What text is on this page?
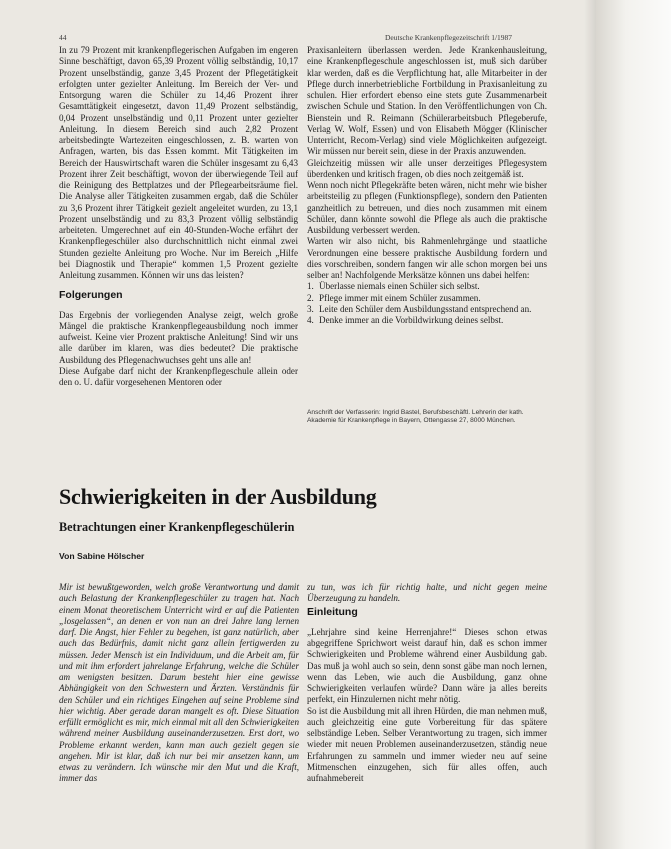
44	Deutsche Krankenpflegezeitschrift 1/1987

In zu 79 Prozent mit krankenpflegerischen Aufgaben im engeren Sinne beschäftigt, davon 65,39 Prozent völlig selbständig, 10,17 Prozent unselbständig, ganze 3,45 Prozent der Pflegetätigkeit erfolgten unter gezielter Anleitung. Im Bereich der Ver- und Entsorgung waren die Schüler zu 14,46 Prozent ihrer Gesamttätigkeit eingesetzt, davon 11,49 Prozent selbständig, 0,04 Prozent unselbständig und 0,11 Prozent unter gezielter Anleitung. In diesem Bereich sind auch 2,82 Prozent arbeitsbedingte Wartezeiten eingeschlossen, z. B. warten von Anfragen, warten, bis das Essen kommt. Mit Tätigkeiten im Bereich der Hauswirtschaft waren die Schüler insgesamt zu 6,43 Prozent ihrer Zeit beschäftigt, wovon der überwiegende Teil auf die Reinigung des Bettplatzes und der Pflegearbeitsräume fiel. Die Analyse aller Tätigkeiten zusammen ergab, daß die Schüler zu 3,6 Prozent ihrer Tätigkeit gezielt angeleitet wurden, zu 13,1 Prozent unselbständig und zu 83,3 Prozent völlig selbständig arbeiteten. Umgerechnet auf ein 40-Stunden-Woche erfährt der Krankenpflegeschüler also durchschnittlich nicht einmal zwei Stunden gezielte Anleitung pro Woche. Nur im Bereich „Hilfe bei Diagnostik und Therapie“ kommen 1,5 Prozent gezielte Anleitung zusammen. Können wir uns das leisten?

Folgerungen

Das Ergebnis der vorliegenden Analyse zeigt, welch große Mängel die praktische Krankenpflegeausbildung noch immer aufweist. Keine vier Prozent praktische Anleitung! Sind wir uns alle darüber im klaren, was dies bedeutet? Die praktische Ausbildung des Pflegenachwuchses geht uns alle an!

Diese Aufgabe darf nicht der Krankenpflegeschule allein oder den o. U. dafür vorgesehenen Mentoren oder

Praxisanleitern überlassen werden. Jede Krankenhausleitung, eine Krankenpflegeschule angeschlossen ist, muß sich darüber klar werden, daß es die Verpflichtung hat, alle Mitarbeiter in der Pflege durch innerbetriebliche Fortbildung in Praxisanleitung zu schulen. Hier erfordert ebenso eine stets gute Zusammenarbeit zwischen Schule und Station. In den Veröffentlichungen von Ch. Bienstein und R. Reimann (Schülerarbeitsbuch Pflegeberufe, Verlag W. Wolf, Essen) und von Elisabeth Mögger (Klinischer Unterricht, Recom-Verlag) sind viele Möglichkeiten aufgezeigt. Wir müssen nur bereit sein, diese in der Praxis anzuwenden.

Gleichzeitig müssen wir alle unser derzeitiges Pflegesystem überdenken und kritisch fragen, ob dies noch zeitgemäß ist.

Wenn noch nicht Pflegekräfte beten wären, nicht mehr wie bisher arbeitsteilig zu pflegen (Funktionspflege), sondern den Patienten ganzheitlich zu betreuen, und dies noch zusammen mit einem Schüler, dann könnte sowohl die Pflege als auch die praktische Ausbildung verbessert werden.

Warten wir also nicht, bis Rahmenlehrgänge und staatliche Verordnungen eine bessere praktische Ausbildung fordern und dies vorschreiben, sondern fangen wir alle schon morgen bei uns selber an! Nachfolgende Merksätze können uns dabei helfen:

1. Überlasse niemals einen Schüler sich selbst.
2. Pflege immer mit einem Schüler zusammen.
3. Leite den Schüler dem Ausbildungsstand entsprechend an.
4. Denke immer an die Vorbildwirkung deines selbst.
Anschrift der Verfasserin: Ingrid Bastel, Berufsbeschäftl. Lehrerin der kath. Akademie für Krankenpflege in Bayern, Ottengasse 27, 8000 München.
Schwierigkeiten in der Ausbildung
Betrachtungen einer Krankenpflegeschülerin
Von Sabine Hölscher

Mir ist bewußtgeworden, welch große Verantwortung und damit auch Belastung der Krankenpflegeschüler zu tragen hat. Nach einem Monat theoretischem Unterricht wird er auf die Patienten „losgelassen“, an denen er von nun an drei Jahre lang lernen darf. Die Angst, hier Fehler zu begehen, ist ganz natürlich, aber auch das Bedürfnis, damit nicht ganz allein fertigwerden zu müssen. Jeder Mensch ist ein Individuum, und die Arbeit am, für und mit ihm erfordert jahrelange Erfahrung, welche die Schüler am wenigsten besitzen. Darum besteht hier eine gewisse Abhängigkeit von den Schwestern und Ärzten. Verständnis für den Schüler und ein richtiges Eingehen auf seine Probleme sind hier wichtig. Aber gerade daran mangelt es oft. Diese Situation erfüllt ermöglicht es mir, mich einmal mit all den Schwierigkeiten während meiner Ausbildung auseinanderzusetzen. Erst dort, wo Probleme erkannt werden, kann man auch gezielt gegen sie angehen. Mir ist klar, daß ich nur bei mir ansetzen kann, um etwas zu verändern. Ich wünsche mir den Mut und die Kraft, immer das

zu tun, was ich für richtig halte, und nicht gegen meine Überzeugung zu handeln.

Einleitung

„Lehrjahre sind keine Herrenjahre!“ Dieses schon etwas abgegriffene Sprichwort weist darauf hin, daß es schon immer Schwierigkeiten und Probleme während einer Ausbildung gab. Das muß ja wohl auch so sein, denn sonst gäbe man noch lernen, wenn das Leben, wie auch die Ausbildung, ganz ohne Schwierigkeiten verlaufen würde? Dann wäre ja alles bereits perfekt, ein Hinzulernen nicht mehr nötig.

So ist die Ausbildung mit all ihren Hürden, die man nehmen muß, auch gleichzeitig eine gute Vorbereitung für das spätere selbständige Leben. Selber Verantwortung zu tragen, sich immer wieder mit neuen Problemen auseinanderzusetzen, ständig neue Erfahrungen zu sammeln und immer wieder neu auf seine Mitmenschen einzugehen, sich für alles offen, auch aufnahmebereit
